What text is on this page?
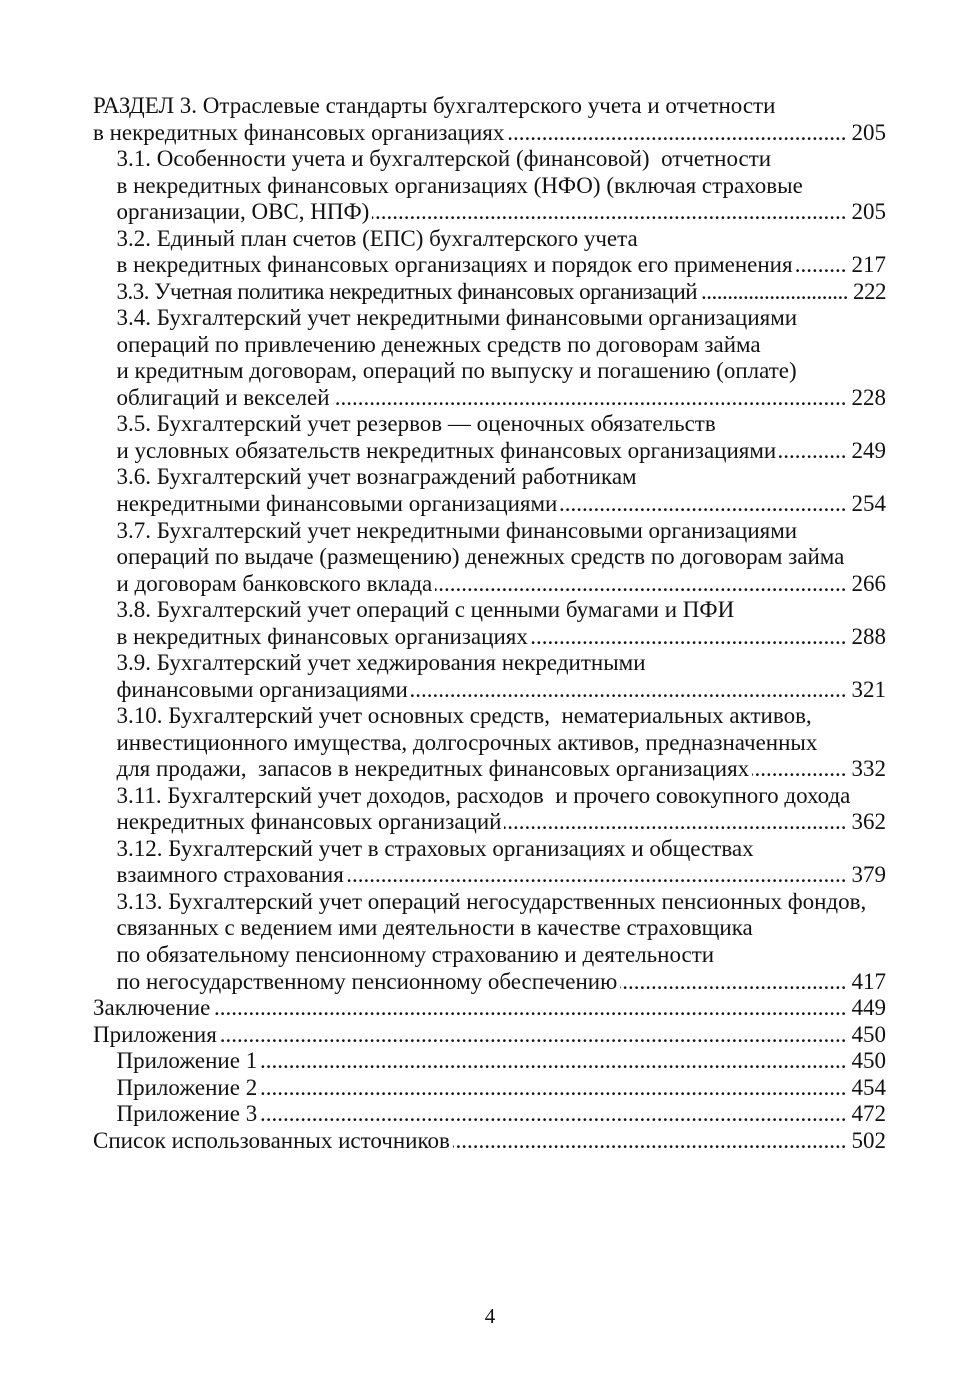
РАЗДЕЛ 3. Отраслевые стандарты бухгалтерского учета и отчетности
в некредитных финансовых организациях .....	205
3.1. Особенности учета и бухгалтерской (финансовой)  отчетности
в некредитных финансовых организациях (НФО) (включая страховые
организации, ОВС, НПФ) .....	205
3.2. Единый план счетов (ЕПС) бухгалтерского учета
в некредитных финансовых организациях и порядок его применения .....	217
3.3. Учетная политика некредитных финансовых организаций .....	222
3.4. Бухгалтерский учет некредитными финансовыми организациями
операций по привлечению денежных средств по договорам займа
и кредитным договорам, операций по выпуску и погашению (оплате)
облигаций и векселей .....	228
3.5. Бухгалтерский учет резервов — оценочных обязательств
и условных обязательств некредитных финансовых организациями .....	249
3.6. Бухгалтерский учет вознаграждений работникам
некредитными финансовыми организациями .....	254
3.7. Бухгалтерский учет некредитными финансовыми организациями
операций по выдаче (размещению) денежных средств по договорам займа
и договорам банковского вклада .....	266
3.8. Бухгалтерский учет операций с ценными бумагами и ПФИ
в некредитных финансовых организациях .....	288
3.9. Бухгалтерский учет хеджирования некредитными
финансовыми организациями .....	321
3.10. Бухгалтерский учет основных средств,  нематериальных активов,
инвестиционного имущества, долгосрочных активов, предназначенных
для продажи,  запасов в некредитных финансовых организациях .....	332
3.11. Бухгалтерский учет доходов, расходов  и прочего совокупного дохода
некредитных финансовых организаций .....	362
3.12. Бухгалтерский учет в страховых организациях и обществах
взаимного страхования .....	379
3.13. Бухгалтерский учет операций негосударственных пенсионных фондов,
связанных с ведением ими деятельности в качестве страховщика
по обязательному пенсионному страхованию и деятельности
по негосударственному пенсионному обеспечению .....	417
Заключение .....	449
Приложения .....	450
Приложение 1 .....	450
Приложение 2 .....	454
Приложение 3 .....	472
Список использованных источников .....	502
4
